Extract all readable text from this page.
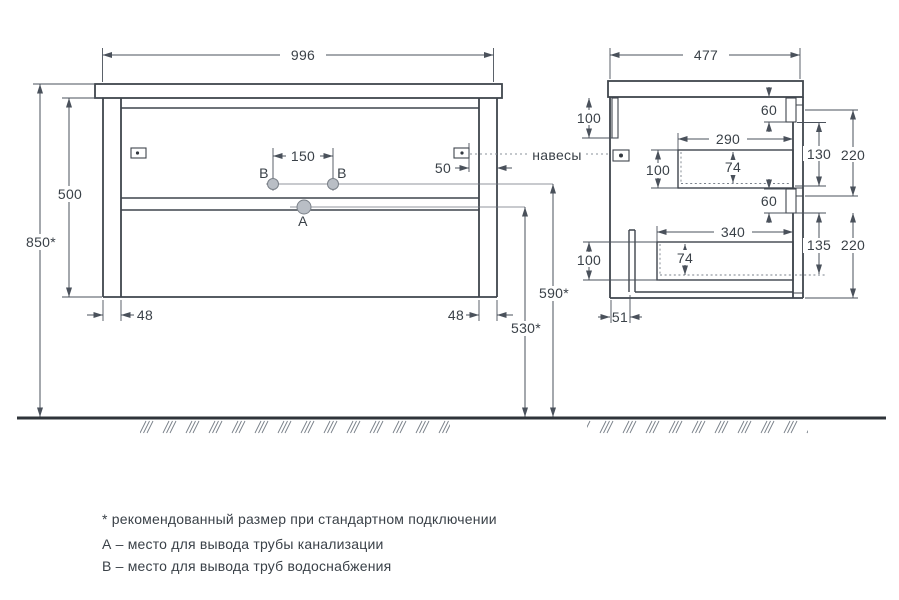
B	B
A
996
850*
500
150
50
48	48
590*
530*
навесы
477
100	60
290
130 220
100	74
60
340
135 220
100	74
51
* рекомендованный размер при стандартном подключении
А – место для вывода трубы канализации
В – место для вывода труб водоснабжения
